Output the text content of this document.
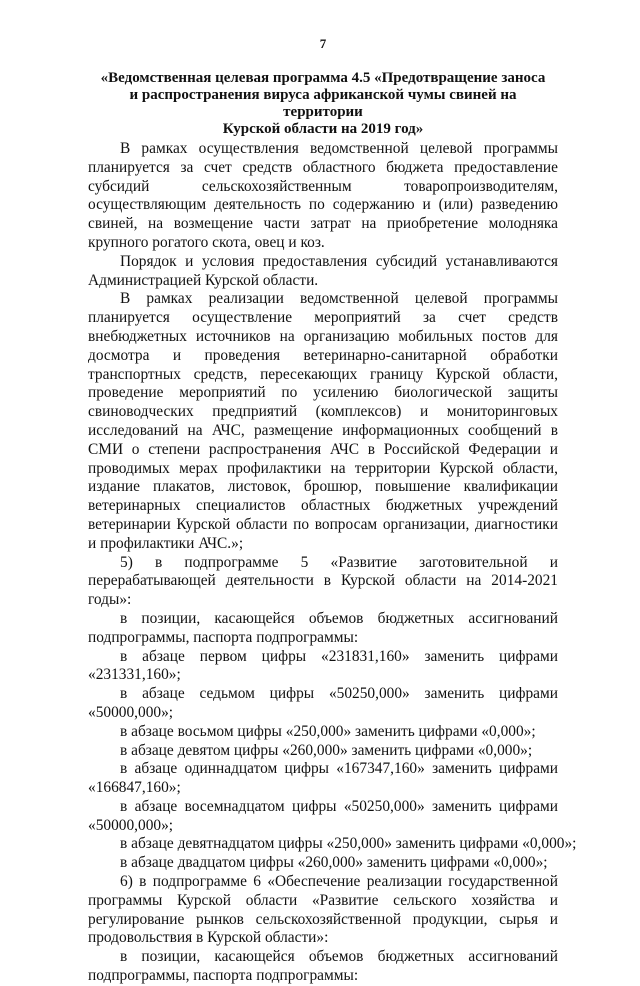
7
«Ведомственная целевая программа 4.5 «Предотвращение заноса
и распространения вируса африканской чумы свиней на территории
Курской области на 2019 год»

В рамках осуществления ведомственной целевой программы планируется за счет средств областного бюджета предоставление субсидий сельскохозяйственным товаропроизводителям, осуществляющим деятельность по содержанию и (или) разведению свиней, на возмещение части затрат на приобретение молодняка крупного рогатого скота, овец и коз.

Порядок и условия предоставления субсидий устанавливаются Администрацией Курской области.

В рамках реализации ведомственной целевой программы планируется осуществление мероприятий за счет средств внебюджетных источников на организацию мобильных постов для досмотра и проведения ветеринарно-санитарной обработки транспортных средств, пересекающих границу Курской области, проведение мероприятий по усилению биологической защиты свиноводческих предприятий (комплексов) и мониторинговых исследований на АЧС, размещение информационных сообщений в СМИ о степени распространения АЧС в Российской Федерации и проводимых мерах профилактики на территории Курской области, издание плакатов, листовок, брошюр, повышение квалификации ветеринарных специалистов областных бюджетных учреждений ветеринарии Курской области по вопросам организации, диагностики и профилактики АЧС.»;

5) в подпрограмме 5 «Развитие заготовительной и перерабатывающей деятельности в Курской области на 2014-2021 годы»:

в позиции, касающейся объемов бюджетных ассигнований подпрограммы, паспорта подпрограммы:

в абзаце первом цифры «231831,160» заменить цифрами «231331,160»;

в абзаце седьмом цифры «50250,000» заменить цифрами «50000,000»;

в абзаце восьмом цифры «250,000» заменить цифрами «0,000»;
в абзаце девятом цифры «260,000» заменить цифрами «0,000»;

в абзаце одиннадцатом цифры «167347,160» заменить цифрами «166847,160»;

в абзаце восемнадцатом цифры «50250,000» заменить цифрами «50000,000»;

в абзаце девятнадцатом цифры «250,000» заменить цифрами «0,000»;
в абзаце двадцатом цифры «260,000» заменить цифрами «0,000»;

6) в подпрограмме 6 «Обеспечение реализации государственной программы Курской области «Развитие сельского хозяйства и регулирование рынков сельскохозяйственной продукции, сырья и продовольствия в Курской области»:

в позиции, касающейся объемов бюджетных ассигнований подпрограммы, паспорта подпрограммы:
